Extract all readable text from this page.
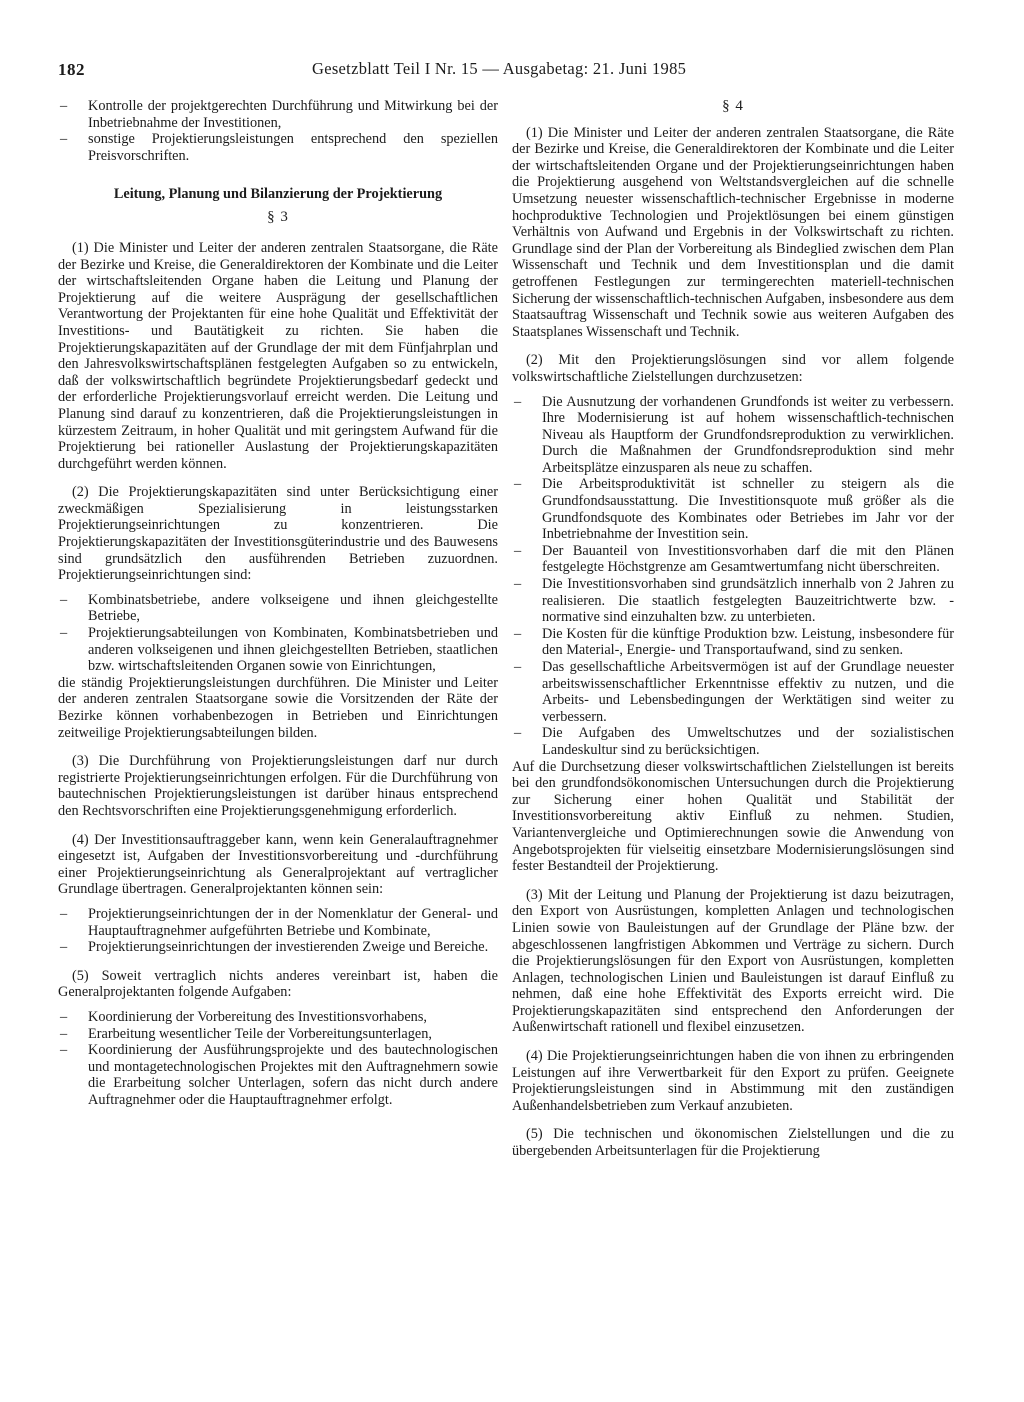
182	Gesetzblatt Teil I Nr. 15 — Ausgabetag: 21. Juni 1985
– Kontrolle der projektgerechten Durchführung und Mitwirkung bei der Inbetriebnahme der Investitionen,
– sonstige Projektierungsleistungen entsprechend den speziellen Preisvorschriften.
Leitung, Planung und Bilanzierung der Projektierung
§ 3

(1) Die Minister und Leiter der anderen zentralen Staatsorgane, die Räte der Bezirke und Kreise, die Generaldirektoren der Kombinate und die Leiter der wirtschaftsleitenden Organe haben die Leitung und Planung der Projektierung auf die weitere Ausprägung der gesellschaftlichen Verantwortung der Projektanten für eine hohe Qualität und Effektivität der Investitions- und Bautätigkeit zu richten. Sie haben die Projektierungskapazitäten auf der Grundlage der mit dem Fünfjahrplan und den Jahresvolkswirtschaftsplänen festgelegten Aufgaben so zu entwickeln, daß der volkswirtschaftlich begründete Projektierungsbedarf gedeckt und der erforderliche Projektierungsvorlauf erreicht werden. Die Leitung und Planung sind darauf zu konzentrieren, daß die Projektierungsleistungen in kürzestem Zeitraum, in hoher Qualität und mit geringstem Aufwand für die Projektierung bei rationeller Auslastung der Projektierungskapazitäten durchgeführt werden können.

(2) Die Projektierungskapazitäten sind unter Berücksichtigung einer zweckmäßigen Spezialisierung in leistungsstarken Projektierungseinrichtungen zu konzentrieren. Die Projektierungskapazitäten der Investitionsgüterindustrie und des Bauwesens sind grundsätzlich den ausführenden Betrieben zuzuordnen. Projektierungseinrichtungen sind:

– Kombinatsbetriebe, andere volkseigene und ihnen gleichgestellte Betriebe,
– Projektierungsabteilungen von Kombinaten, Kombinatsbetrieben und anderen volkseigenen und ihnen gleichgestellten Betrieben, staatlichen bzw. wirtschaftsleitenden Organen sowie von Einrichtungen,

die ständig Projektierungsleistungen durchführen. Die Minister und Leiter der anderen zentralen Staatsorgane sowie die Vorsitzenden der Räte der Bezirke können vorhabenbezogen in Betrieben und Einrichtungen zeitweilige Projektierungsabteilungen bilden.

(3) Die Durchführung von Projektierungsleistungen darf nur durch registrierte Projektierungseinrichtungen erfolgen. Für die Durchführung von bautechnischen Projektierungsleistungen ist darüber hinaus entsprechend den Rechtsvorschriften eine Projektierungsgenehmigung erforderlich.

(4) Der Investitionsauftraggeber kann, wenn kein Generalauftragnehmer eingesetzt ist, Aufgaben der Investitionsvorbereitung und -durchführung einer Projektierungseinrichtung als Generalprojektant auf vertraglicher Grundlage übertragen. Generalprojektanten können sein:

– Projektierungseinrichtungen der in der Nomenklatur der General- und Hauptauftragnehmer aufgeführten Betriebe und Kombinate,
– Projektierungseinrichtungen der investierenden Zweige und Bereiche.

(5) Soweit vertraglich nichts anderes vereinbart ist, haben die Generalprojektanten folgende Aufgaben:

– Koordinierung der Vorbereitung des Investitionsvorhabens,
– Erarbeitung wesentlicher Teile der Vorbereitungsunterlagen,
– Koordinierung der Ausführungsprojekte und des bautechnologischen und montagetechnologischen Projektes mit den Auftragnehmern sowie die Erarbeitung solcher Unterlagen, sofern das nicht durch andere Auftragnehmer oder die Hauptauftragnehmer erfolgt.
§ 4

(1) Die Minister und Leiter der anderen zentralen Staatsorgane, die Räte der Bezirke und Kreise, die Generaldirektoren der Kombinate und die Leiter der wirtschaftsleitenden Organe und der Projektierungseinrichtungen haben die Projektierung ausgehend von Weltstandsvergleichen auf die schnelle Umsetzung neuester wissenschaftlich-technischer Ergebnisse in moderne hochproduktive Technologien und Projektlösungen bei einem günstigen Verhältnis von Aufwand und Ergebnis in der Volkswirtschaft zu richten. Grundlage sind der Plan der Vorbereitung als Bindeglied zwischen dem Plan Wissenschaft und Technik und dem Investitionsplan und die damit getroffenen Festlegungen zur termingerechten materiell-technischen Sicherung der wissenschaftlich-technischen Aufgaben, insbesondere aus dem Staatsauftrag Wissenschaft und Technik sowie aus weiteren Aufgaben des Staatsplanes Wissenschaft und Technik.

(2) Mit den Projektierungslösungen sind vor allem folgende volkswirtschaftliche Zielstellungen durchzusetzen:

– Die Ausnutzung der vorhandenen Grundfonds ist weiter zu verbessern. Ihre Modernisierung ist auf hohem wissenschaftlich-technischen Niveau als Hauptform der Grundfondsreproduktion zu verwirklichen. Durch die Maßnahmen der Grundfondsreproduktion sind mehr Arbeitsplätze einzusparen als neue zu schaffen.
– Die Arbeitsproduktivität ist schneller zu steigern als die Grundfondsausstattung. Die Investitionsquote muß größer als die Grundfondsquote des Kombinates oder Betriebes im Jahr vor der Inbetriebnahme der Investition sein.
– Der Bauanteil von Investitionsvorhaben darf die mit den Plänen festgelegte Höchstgrenze am Gesamtwertumfang nicht überschreiten.
– Die Investitionsvorhaben sind grundsätzlich innerhalb von 2 Jahren zu realisieren. Die staatlich festgelegten Bauzeitrichtwerte bzw. -normative sind einzuhalten bzw. zu unterbieten.
– Die Kosten für die künftige Produktion bzw. Leistung, insbesondere für den Material-, Energie- und Transportaufwand, sind zu senken.
– Das gesellschaftliche Arbeitsvermögen ist auf der Grundlage neuester arbeitswissenschaftlicher Erkenntnisse effektiv zu nutzen, und die Arbeits- und Lebensbedingungen der Werktätigen sind weiter zu verbessern.
– Die Aufgaben des Umweltschutzes und der sozialistischen Landeskultur sind zu berücksichtigen.

Auf die Durchsetzung dieser volkswirtschaftlichen Zielstellungen ist bereits bei den grundfondsökonomischen Untersuchungen durch die Projektierung zur Sicherung einer hohen Qualität und Stabilität der Investitionsvorbereitung aktiv Einfluß zu nehmen. Studien, Variantenvergleiche und Optimierechnungen sowie die Anwendung von Angebotsprojekten für vielseitig einsetzbare Modernisierungslösungen sind fester Bestandteil der Projektierung.

(3) Mit der Leitung und Planung der Projektierung ist dazu beizutragen, den Export von Ausrüstungen, kompletten Anlagen und technologischen Linien sowie von Bauleistungen auf der Grundlage der Pläne bzw. der abgeschlossenen langfristigen Abkommen und Verträge zu sichern. Durch die Projektierungslösungen für den Export von Ausrüstungen, kompletten Anlagen, technologischen Linien und Bauleistungen ist darauf Einfluß zu nehmen, daß eine hohe Effektivität des Exports erreicht wird. Die Projektierungskapazitäten sind entsprechend den Anforderungen der Außenwirtschaft rationell und flexibel einzusetzen.

(4) Die Projektierungseinrichtungen haben die von ihnen zu erbringenden Leistungen auf ihre Verwertbarkeit für den Export zu prüfen. Geeignete Projektierungsleistungen sind in Abstimmung mit den zuständigen Außenhandelsbetrieben zum Verkauf anzubieten.

(5) Die technischen und ökonomischen Zielstellungen und die zu übergebenden Arbeitsunterlagen für die Projektierung
